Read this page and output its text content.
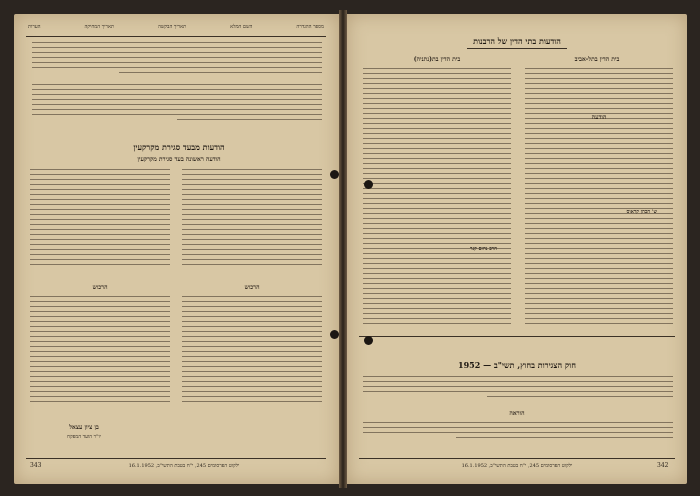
מספר ההגדרה
השם המלא
תאריך הבקשה
תאריך המחיקה
הערות
הודעות מבעד סגירת מקרקעין
הודעה ראשונה בעד סגירת מקרקעין
הרכוש	הרכוש
בן ציון עצאל
יו"ר הועד המפקח
ילקוט הפרסומים 245, י"ח בטבת התשי"ב, 16.1.1952
343
הודעות בתי הדין של הרבנות
בית הדין בתל-אביב
בית הדין בת(נתניה)
הודעה
ש' הכהן קראוס
הרב נחום קנר
חוק הצגירות בחוץ, תשי"ב — 1952
הוראה
ילקוט הפרסומים 245, י"ח בטבת התשי"ב, 16.1.1952	342
